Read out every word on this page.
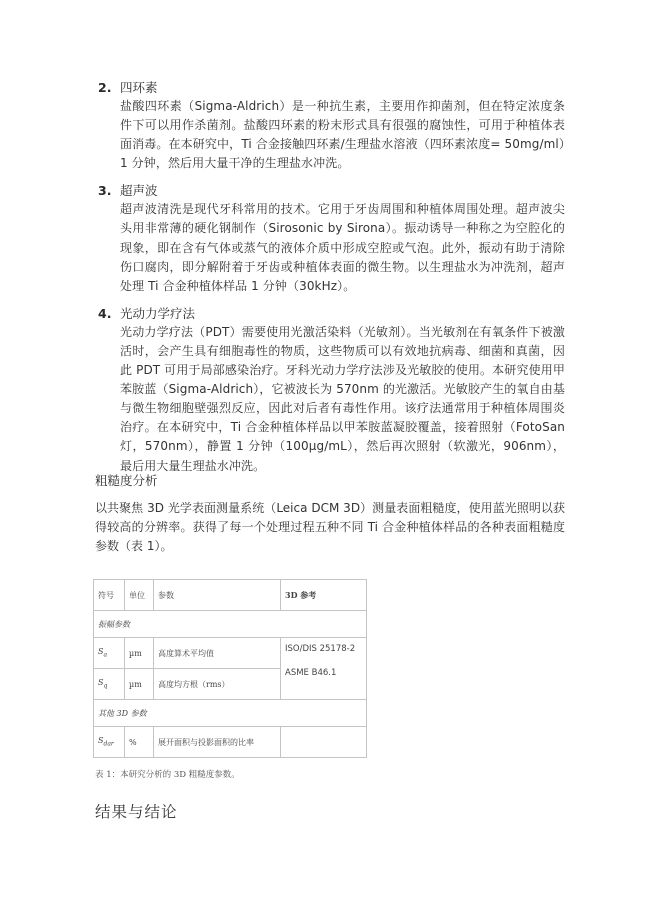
2. 四环素
盐酸四环素（Sigma-Aldrich）是一种抗生素，主要用作抑菌剂，但在特定浓度条件下可以用作杀菌剂。盐酸四环素的粉末形式具有很强的腐蚀性，可用于种植体表面消毒。在本研究中，Ti 合金接触四环素/生理盐水溶液（四环素浓度= 50mg/ml）1 分钟，然后用大量干净的生理盐水冲洗。
3. 超声波
超声波清洗是现代牙科常用的技术。它用于牙齿周围和种植体周围处理。超声波尖头用非常薄的硬化钢制作（Sirosonic by Sirona）。振动诱导一种称之为空腔化的现象，即在含有气体或蒸气的液体介质中形成空腔或气泡。此外，振动有助于清除伤口腐肉，即分解附着于牙齿或种植体表面的微生物。以生理盐水为冲洗剂，超声处理 Ti 合金种植体样品 1 分钟（30kHz）。
4. 光动力学疗法
光动力学疗法（PDT）需要使用光激活染料（光敏剂）。当光敏剂在有氧条件下被激活时，会产生具有细胞毒性的物质，这些物质可以有效地抗病毒、细菌和真菌，因此 PDT 可用于局部感染治疗。牙科光动力学疗法涉及光敏胶的使用。本研究使用甲苯胺蓝（Sigma-Aldrich），它被波长为 570nm 的光激活。光敏胶产生的氧自由基与微生物细胞壁强烈反应，因此对后者有毒性作用。该疗法通常用于种植体周围炎治疗。在本研究中，Ti 合金种植体样品以甲苯胺蓝凝胶覆盖，接着照射（FotoSan 灯，570nm），静置 1 分钟（100µg/mL），然后再次照射（软激光，906nm），最后用大量生理盐水冲洗。
粗糙度分析
以共聚焦 3D 光学表面测量系统（Leica DCM 3D）测量表面粗糙度，使用蓝光照明以获得较高的分辨率。获得了每一个处理过程五种不同 Ti 合金种植体样品的各种表面粗糙度参数（表 1）。
符号	单位	参数	3D 参考
振幅参数			
$S_a$	µm	高度算术平均值	ISO/DIS 25178-2
ASME B46.1

$S_q$	µm	高度均方根（rms）	
其他 3D 参数			
$S_{dar}$	%	展开面积与投影面积的比率	
表 1：本研究分析的 3D 粗糙度参数。
结果与结论
